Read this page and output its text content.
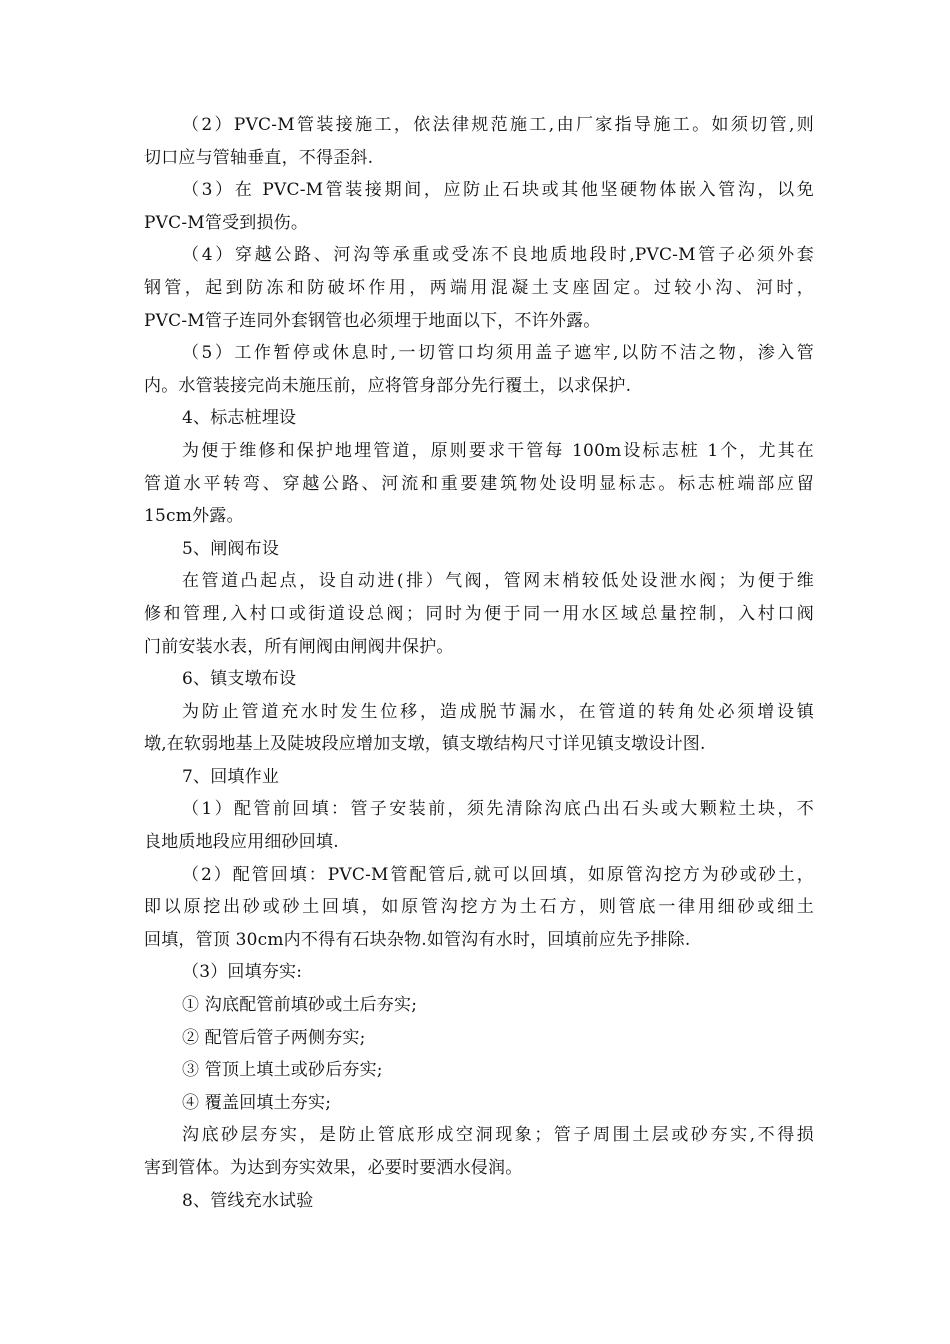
（2）PVC-M管装接施工，依法律规范施工,由厂家指导施工。如须切管,则
切口应与管轴垂直，不得歪斜.
（3）在 PVC-M管装接期间，应防止石块或其他坚硬物体嵌入管沟，以免
PVC-M管受到损伤。
（4）穿越公路、河沟等承重或受冻不良地质地段时,PVC-M管子必须外套
钢管，起到防冻和防破坏作用，两端用混凝土支座固定。过较小沟、河时，
PVC-M管子连同外套钢管也必须埋于地面以下，不许外露。
（5）工作暂停或休息时,一切管口均须用盖子遮牢,以防不洁之物，渗入管
内。水管装接完尚未施压前，应将管身部分先行覆土，以求保护.
4、标志桩埋设
为便于维修和保护地埋管道，原则要求干管每 100m设标志桩 1个，尤其在
管道水平转弯、穿越公路、河流和重要建筑物处设明显标志。标志桩端部应留
15cm外露。
5、闸阀布设
在管道凸起点，设自动进(排）气阀，管网末梢较低处设泄水阀；为便于维
修和管理,入村口或街道设总阀；同时为便于同一用水区域总量控制，入村口阀
门前安装水表，所有闸阀由闸阀井保护。
6、镇支墩布设
为防止管道充水时发生位移，造成脱节漏水，在管道的转角处必须增设镇
墩,在软弱地基上及陡坡段应增加支墩，镇支墩结构尺寸详见镇支墩设计图.
7、回填作业
（1）配管前回填：管子安装前，须先清除沟底凸出石头或大颗粒土块，不
良地质地段应用细砂回填.
（2）配管回填：PVC-M管配管后,就可以回填，如原管沟挖方为砂或砂土，
即以原挖出砂或砂土回填，如原管沟挖方为土石方，则管底一律用细砂或细土
回填，管顶 30cm内不得有石块杂物.如管沟有水时，回填前应先予排除.
（3）回填夯实:
① 沟底配管前填砂或土后夯实;
② 配管后管子两侧夯实;
③ 管顶上填土或砂后夯实;
④ 覆盖回填土夯实;
沟底砂层夯实，是防止管底形成空洞现象；管子周围土层或砂夯实,不得损
害到管体。为达到夯实效果，必要时要洒水侵润。
8、管线充水试验
